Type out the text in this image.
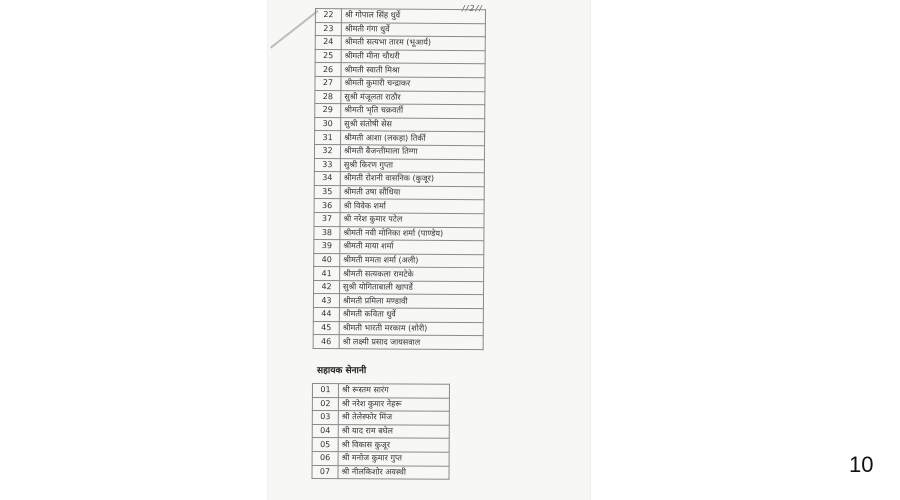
//2//
22	श्री गोपाल सिंह धुर्वे
23	श्रीमती गंगा धुर्वे
24	श्रीमती सत्यभा तारम (भूआर्य)
25	श्रीमती मीना चौधरी
26	श्रीमती स्वाती मिश्रा
27	श्रीमती कुमारी चन्द्राकर
28	सुश्री मंजूलता राठौर
29	श्रीमती भृति चक्रवर्ती
30	सुश्री संतोषी सेस
31	श्रीमती आशा (लकड़ा) तिर्की
32	श्रीमती बैजन्तीमाला तिग्गा
33	सुश्री किरण गुप्ता
34	श्रीमती रोशनी वासनिक (कुजूर)
35	श्रीमती उषा सौंधिया
36	श्री विवेक शर्मा
37	श्री नरेश कुमार पटेल
38	श्रीमती नवी मोनिका शर्मा (पाण्डेय)
39	श्रीमती माया शर्मा
40	श्रीमती ममता शर्मा (अली)
41	श्रीमती सत्यकला रामटेके
42	सुश्री योगिताबाली खापर्डे
43	श्रीमती प्रमिला मण्डावी
44	श्रीमती कविता धुर्वे
45	श्रीमती भारती मरकाम (शोरी)
46	श्री लक्ष्मी प्रसाद जायसवाल
सहायक सेनानी
01	श्री रूस्तम सारंग
02	श्री नरेश कुमार नेहरू
03	श्री तेलेस्फोर मिंज
04	श्री याद राम बघेल
05	श्री विकास कुजूर
06	श्री मनोज कुमार गुप्त
07	श्री नीलकिशोर अवस्थी	10
